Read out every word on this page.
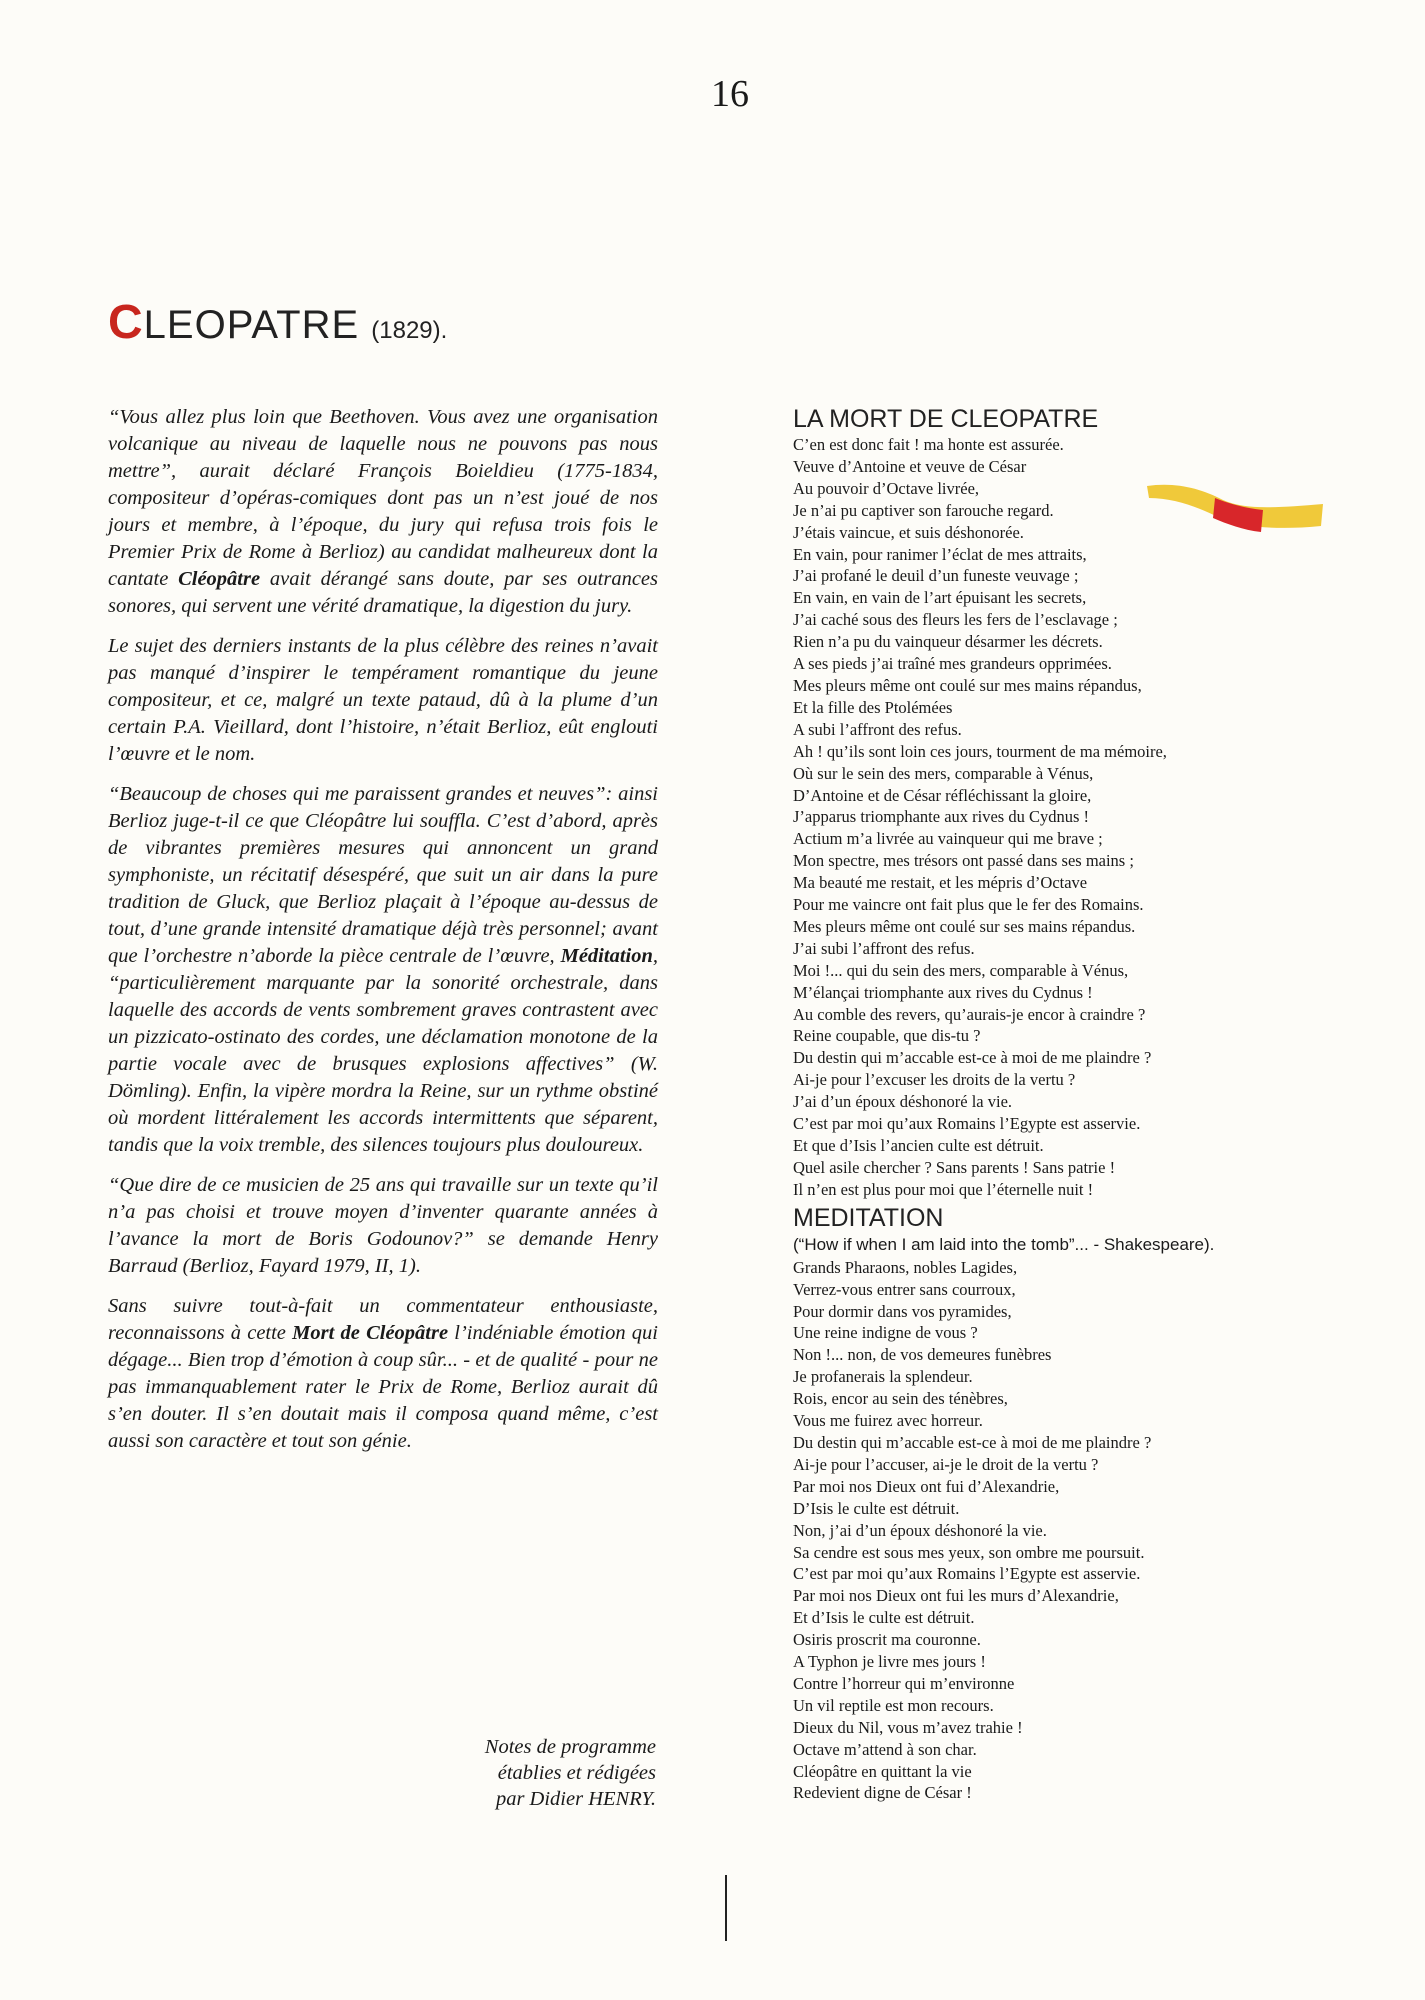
16
CLEOPATRE (1829).

“Vous allez plus loin que Beethoven. Vous avez une organisation volcanique au niveau de laquelle nous ne pouvons pas nous mettre”, aurait déclaré François Boieldieu (1775-1834, compositeur d’opéras-comiques dont pas un n’est joué de nos jours et membre, à l’époque, du jury qui refusa trois fois le Premier Prix de Rome à Berlioz) au candidat malheureux dont la cantate Cléopâtre avait dérangé sans doute, par ses outrances sonores, qui servent une vérité dramatique, la digestion du jury.

Le sujet des derniers instants de la plus célèbre des reines n’avait pas manqué d’inspirer le tempérament romantique du jeune compositeur, et ce, malgré un texte pataud, dû à la plume d’un certain P.A. Vieillard, dont l’histoire, n’était Berlioz, eût englouti l’œuvre et le nom.

“Beaucoup de choses qui me paraissent grandes et neuves”: ainsi Berlioz juge-t-il ce que Cléopâtre lui souffla. C’est d’abord, après de vibrantes premières mesures qui annoncent un grand symphoniste, un récitatif désespéré, que suit un air dans la pure tradition de Gluck, que Berlioz plaçait à l’époque au-dessus de tout, d’une grande intensité dramatique déjà très personnel; avant que l’orchestre n’aborde la pièce centrale de l’œuvre, Méditation, “particulièrement marquante par la sonorité orchestrale, dans laquelle des accords de vents sombrement graves contrastent avec un pizzicato-ostinato des cordes, une déclamation monotone de la partie vocale avec de brusques explosions affectives” (W. Dömling). Enfin, la vipère mordra la Reine, sur un rythme obstiné où mordent littéralement les accords intermittents que séparent, tandis que la voix tremble, des silences toujours plus douloureux.

“Que dire de ce musicien de 25 ans qui travaille sur un texte qu’il n’a pas choisi et trouve moyen d’inventer quarante années à l’avance la mort de Boris Godounov?” se demande Henry Barraud (Berlioz, Fayard 1979, II, 1).

Sans suivre tout-à-fait un commentateur enthousiaste, reconnaissons à cette Mort de Cléopâtre l’indéniable émotion qui dégage... Bien trop d’émotion à coup sûr... - et de qualité - pour ne pas immanquablement rater le Prix de Rome, Berlioz aurait dû s’en douter. Il s’en doutait mais il composa quand même, c’est aussi son caractère et tout son génie.

Notes de programme
établies et rédigées
par Didier HENRY.
LA MORT DE CLEOPATRE
C’en est donc fait ! ma honte est assurée.
Veuve d’Antoine et veuve de César
Au pouvoir d’Octave livrée,
Je n’ai pu captiver son farouche regard.
J’étais vaincue, et suis déshonorée.
En vain, pour ranimer l’éclat de mes attraits,
J’ai profané le deuil d’un funeste veuvage ;
En vain, en vain de l’art épuisant les secrets,
J’ai caché sous des fleurs les fers de l’esclavage ;
Rien n’a pu du vainqueur désarmer les décrets.
A ses pieds j’ai traîné mes grandeurs opprimées.
Mes pleurs même ont coulé sur mes mains répandus,
Et la fille des Ptolémées
A subi l’affront des refus.
Ah ! qu’ils sont loin ces jours, tourment de ma mémoire,
Où sur le sein des mers, comparable à Vénus,
D’Antoine et de César réfléchissant la gloire,
J’apparus triomphante aux rives du Cydnus !
Actium m’a livrée au vainqueur qui me brave ;
Mon spectre, mes trésors ont passé dans ses mains ;
Ma beauté me restait, et les mépris d’Octave
Pour me vaincre ont fait plus que le fer des Romains.
Mes pleurs même ont coulé sur ses mains répandus.
J’ai subi l’affront des refus.
Moi !... qui du sein des mers, comparable à Vénus,
M’élançai triomphante aux rives du Cydnus !
Au comble des revers, qu’aurais-je encor à craindre ?
Reine coupable, que dis-tu ?
Du destin qui m’accable est-ce à moi de me plaindre ?
Ai-je pour l’excuser les droits de la vertu ?
J’ai d’un époux déshonoré la vie.
C’est par moi qu’aux Romains l’Egypte est asservie.
Et que d’Isis l’ancien culte est détruit.
Quel asile chercher ? Sans parents ! Sans patrie !
Il n’en est plus pour moi que l’éternelle nuit !
MEDITATION
(“How if when I am laid into the tomb”... - Shakespeare).
Grands Pharaons, nobles Lagides,
Verrez-vous entrer sans courroux,
Pour dormir dans vos pyramides,
Une reine indigne de vous ?
Non !... non, de vos demeures funèbres
Je profanerais la splendeur.
Rois, encor au sein des ténèbres,
Vous me fuirez avec horreur.
Du destin qui m’accable est-ce à moi de me plaindre ?
Ai-je pour l’accuser, ai-je le droit de la vertu ?
Par moi nos Dieux ont fui d’Alexandrie,
D’Isis le culte est détruit.
Non, j’ai d’un époux déshonoré la vie.
Sa cendre est sous mes yeux, son ombre me poursuit.
C’est par moi qu’aux Romains l’Egypte est asservie.
Par moi nos Dieux ont fui les murs d’Alexandrie,
Et d’Isis le culte est détruit.
Osiris proscrit ma couronne.
A Typhon je livre mes jours !
Contre l’horreur qui m’environne
Un vil reptile est mon recours.
Dieux du Nil, vous m’avez trahie !
Octave m’attend à son char.
Cléopâtre en quittant la vie
Redevient digne de César !
